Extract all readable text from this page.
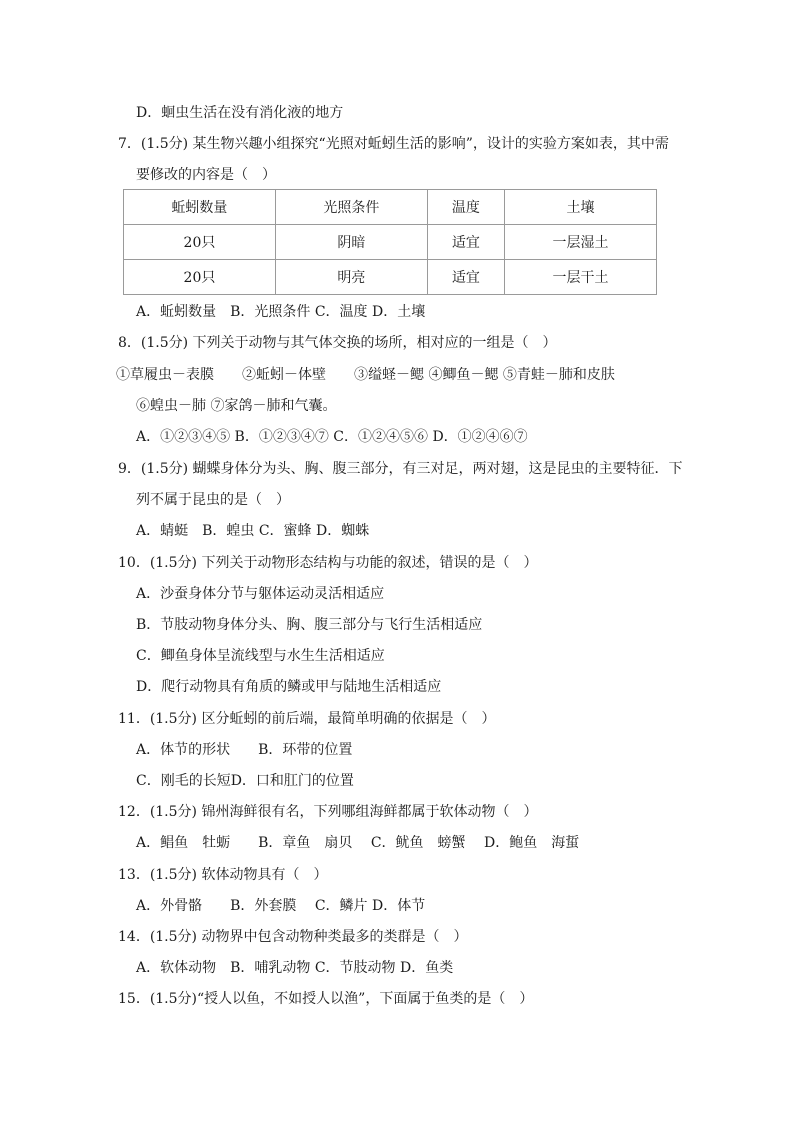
D．蛔虫生活在没有消化液的地方
7．(1.5分) 某生物兴趣小组探究“光照对蚯蚓生活的影响”，设计的实验方案如表，其中需
要修改的内容是（　）
蚯蚓数量	光照条件	温度	土壤
20只	阴暗	适宜	一层湿土
20只	明亮	适宜	一层干土
A．蚯蚓数量　B．光照条件 C．温度 D．土壤
8．(1.5分) 下列关于动物与其气体交换的场所，相对应的一组是（　）
①草履虫－表膜　　②蚯蚓－体壁　　③缢蛏－鳃 ④鲫鱼－鳃 ⑤青蛙－肺和皮肤
⑥蝗虫－肺 ⑦家鸽－肺和气囊。
A．①②③④⑤ B．①②③④⑦ C．①②④⑤⑥ D．①②④⑥⑦
9．(1.5分) 蝴蝶身体分为头、胸、腹三部分，有三对足，两对翅，这是昆虫的主要特征．下
列不属于昆虫的是（　）
A．蜻蜓　B．蝗虫 C．蜜蜂 D．蜘蛛
10．(1.5分) 下列关于动物形态结构与功能的叙述，错误的是（　）
A．沙蚕身体分节与躯体运动灵活相适应
B．节肢动物身体分头、胸、腹三部分与飞行生活相适应
C．鲫鱼身体呈流线型与水生生活相适应
D．爬行动物具有角质的鳞或甲与陆地生活相适应
11．(1.5分) 区分蚯蚓的前后端，最简单明确的依据是（　）
A．体节的形状　　B．环带的位置
C．刚毛的长短D．口和肛门的位置
12．(1.5分) 锦州海鲜很有名，下列哪组海鲜都属于软体动物（　）
A．鲳鱼　牡蛎　　B．章鱼　扇贝　 C．鱿鱼　螃蟹　 D．鲍鱼　海蜇
13．(1.5分) 软体动物具有（　）
A．外骨骼　　B．外套膜　 C．鳞片 D．体节
14．(1.5分) 动物界中包含动物种类最多的类群是（　）
A．软体动物　B．哺乳动物 C．节肢动物 D．鱼类
15．(1.5分)“授人以鱼，不如授人以渔”，下面属于鱼类的是（　）
